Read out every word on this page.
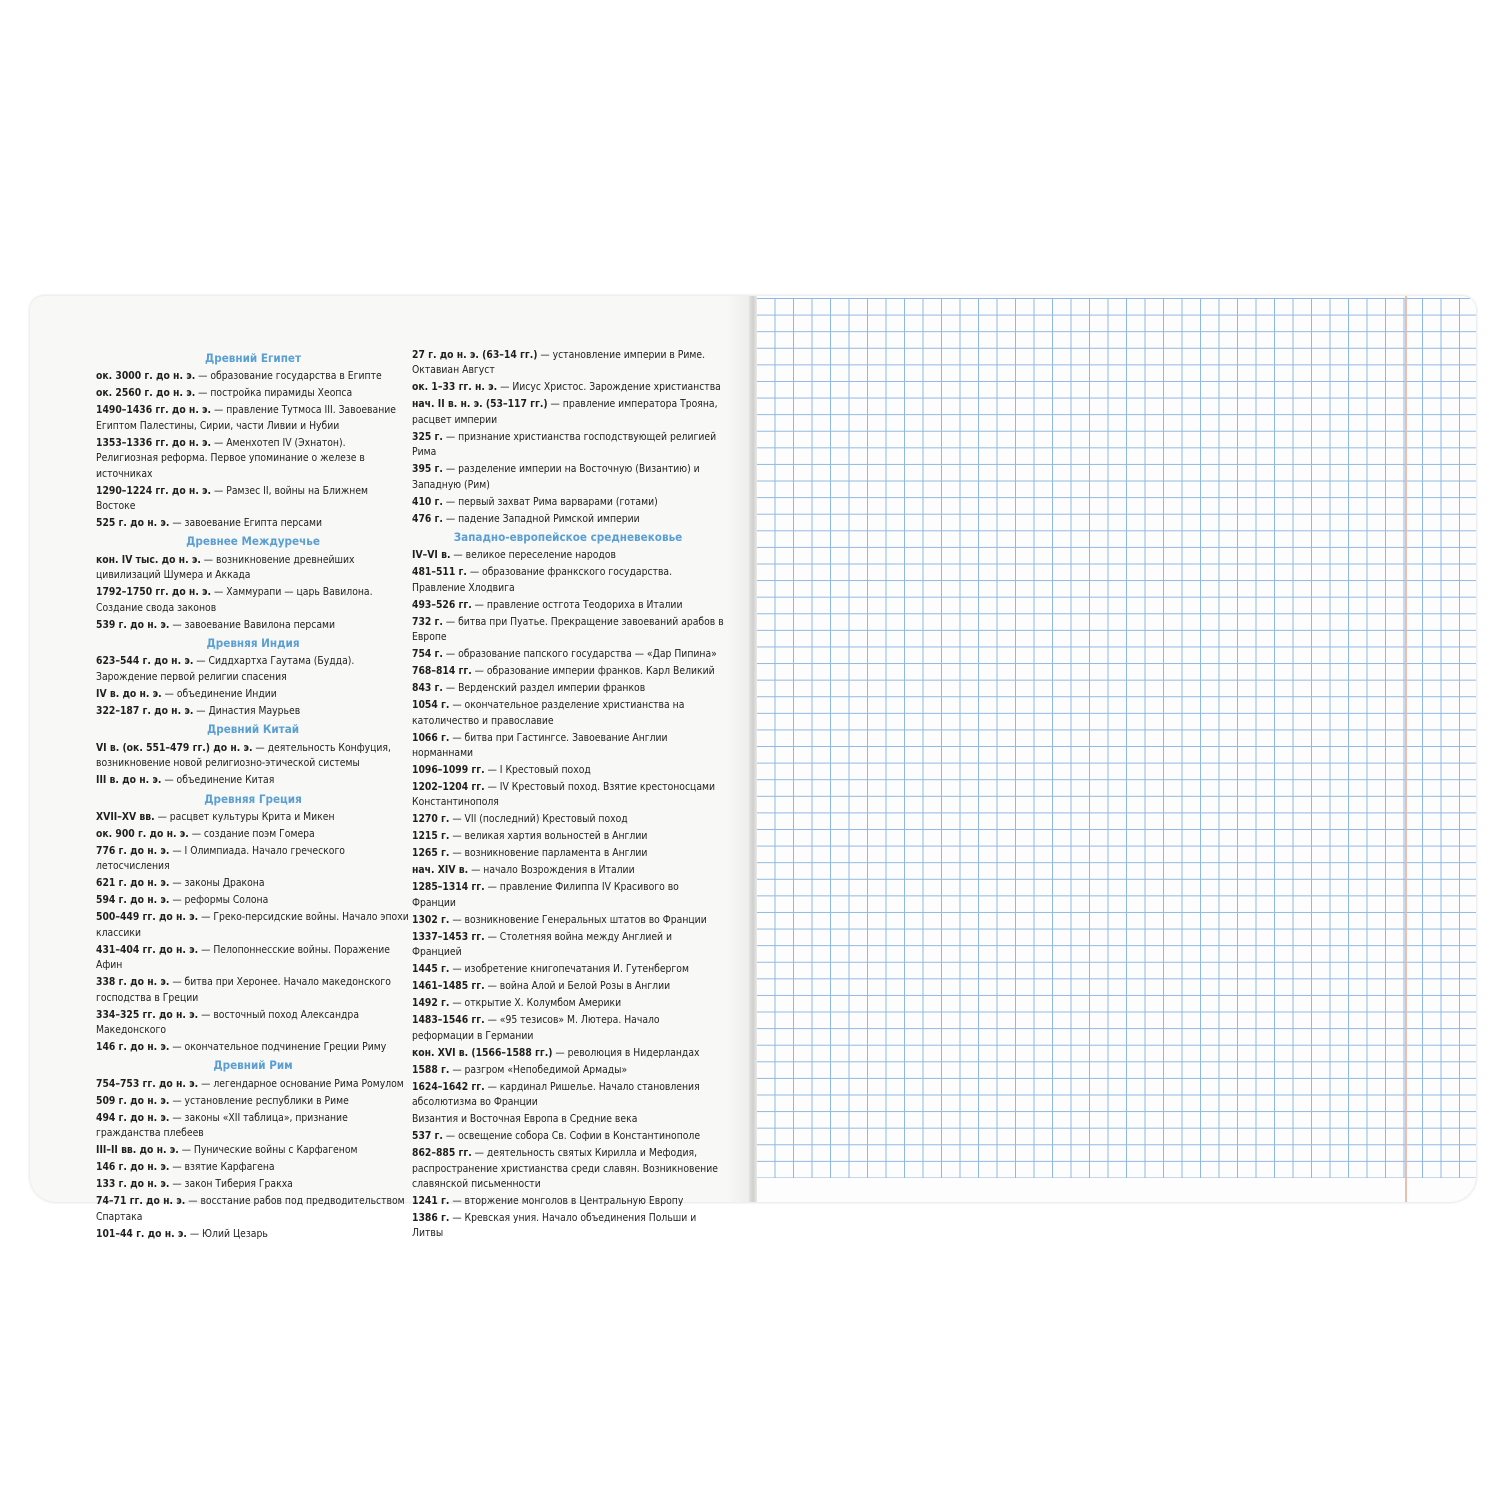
Древний Египет
ок. 3000 г. до н. э. — образование государства в Египте
ок. 2560 г. до н. э. — постройка пирамиды Хеопса
1490–1436 гг. до н. э. — правление Тутмоса III. Завоевание Египтом Палестины, Сирии, части Ливии и Нубии
1353–1336 гг. до н. э. — Аменхотеп IV (Эхнатон). Религиозная реформа. Первое упоминание о железе в источниках
1290–1224 гг. до н. э. — Рамзес II, войны на Ближнем Востоке
525 г. до н. э. — завоевание Египта персами
Древнее Междуречье
кон. IV тыс. до н. э. — возникновение древнейших цивилизаций Шумера и Аккада
1792–1750 гг. до н. э. — Хаммурапи — царь Вавилона. Создание свода законов
539 г. до н. э. — завоевание Вавилона персами
Древняя Индия
623–544 г. до н. э. — Сиддхартха Гаутама (Будда). Зарождение первой религии спасения
IV в. до н. э. — объединение Индии
322–187 г. до н. э. — Династия Маурьев
Древний Китай
VI в. (ок. 551–479 гг.) до н. э. — деятельность Конфуция, возникновение новой религиозно-этической системы
III в. до н. э. — объединение Китая
Древняя Греция
XVII–XV вв. — расцвет культуры Крита и Микен
ок. 900 г. до н. э. — создание поэм Гомера
776 г. до н. э. — I Олимпиада. Начало греческого летосчисления
621 г. до н. э. — законы Дракона
594 г. до н. э. — реформы Солона
500–449 гг. до н. э. — Греко-персидские войны. Начало эпохи классики
431–404 гг. до н. э. — Пелопоннесские войны. Поражение Афин
338 г. до н. э. — битва при Херонее. Начало македонского господства в Греции
334–325 гг. до н. э. — восточный поход Александра Македонского
146 г. до н. э. — окончательное подчинение Греции Риму
Древний Рим
754–753 гг. до н. э. — легендарное основание Рима Ромулом
509 г. до н. э. — установление республики в Риме
494 г. до н. э. — законы «XII таблица», признание гражданства плебеев
III–II вв. до н. э. — Пунические войны с Карфагеном
146 г. до н. э. — взятие Карфагена
133 г. до н. э. — закон Тиберия Гракха
74–71 гг. до н. э. — восстание рабов под предводительством Спартака
101–44 г. до н. э. — Юлий Цезарь
27 г. до н. э. (63–14 гг.) — установление империи в Риме. Октавиан Август
ок. 1–33 гг. н. э. — Иисус Христос. Зарождение христианства
нач. II в. н. э. (53–117 гг.) — правление императора Трояна, расцвет империи
325 г. — признание христианства господствующей религией Рима
395 г. — разделение империи на Восточную (Византию) и Западную (Рим)
410 г. — первый захват Рима варварами (готами)
476 г. — падение Западной Римской империи
Западно-европейское средневековье
IV–VI в. — великое переселение народов
481–511 г. — образование франкского государства. Правление Хлодвига
493–526 гг. — правление остгота Теодориха в Италии
732 г. — битва при Пуатье. Прекращение завоеваний арабов в Европе
754 г. — образование папского государства — «Дар Пипина»
768–814 гг. — образование империи франков. Карл Великий
843 г. — Верденский раздел империи франков
1054 г. — окончательное разделение христианства на католичество и православие
1066 г. — битва при Гастингсе. Завоевание Англии норманнами
1096–1099 гг. — I Крестовый поход
1202–1204 гг. — IV Крестовый поход. Взятие крестоносцами Константинополя
1270 г. — VII (последний) Крестовый поход
1215 г. — великая хартия вольностей в Англии
1265 г. — возникновение парламента в Англии
нач. XIV в. — начало Возрождения в Италии
1285–1314 гг. — правление Филиппа IV Красивого во Франции
1302 г. — возникновение Генеральных штатов во Франции
1337–1453 гг. — Столетняя война между Англией и Францией
1445 г. — изобретение книгопечатания И. Гутенбергом
1461–1485 гг. — война Алой и Белой Розы в Англии
1492 г. — открытие Х. Колумбом Америки
1483–1546 гг. — «95 тезисов» М. Лютера. Начало реформации в Германии
кон. XVI в. (1566–1588 гг.) — революция в Нидерландах
1588 г. — разгром «Непобедимой Армады»
1624–1642 гг. — кардинал Ришелье. Начало становления абсолютизма во Франции
Византия и Восточная Европа в Средние века
537 г. — освещение собора Св. Софии в Константинополе
862–885 гг. — деятельность святых Кирилла и Мефодия, распространение христианства среди славян. Возникновение славянской письменности
1241 г. — вторжение монголов в Центральную Европу
1386 г. — Кревская уния. Начало объединения Польши и Литвы
